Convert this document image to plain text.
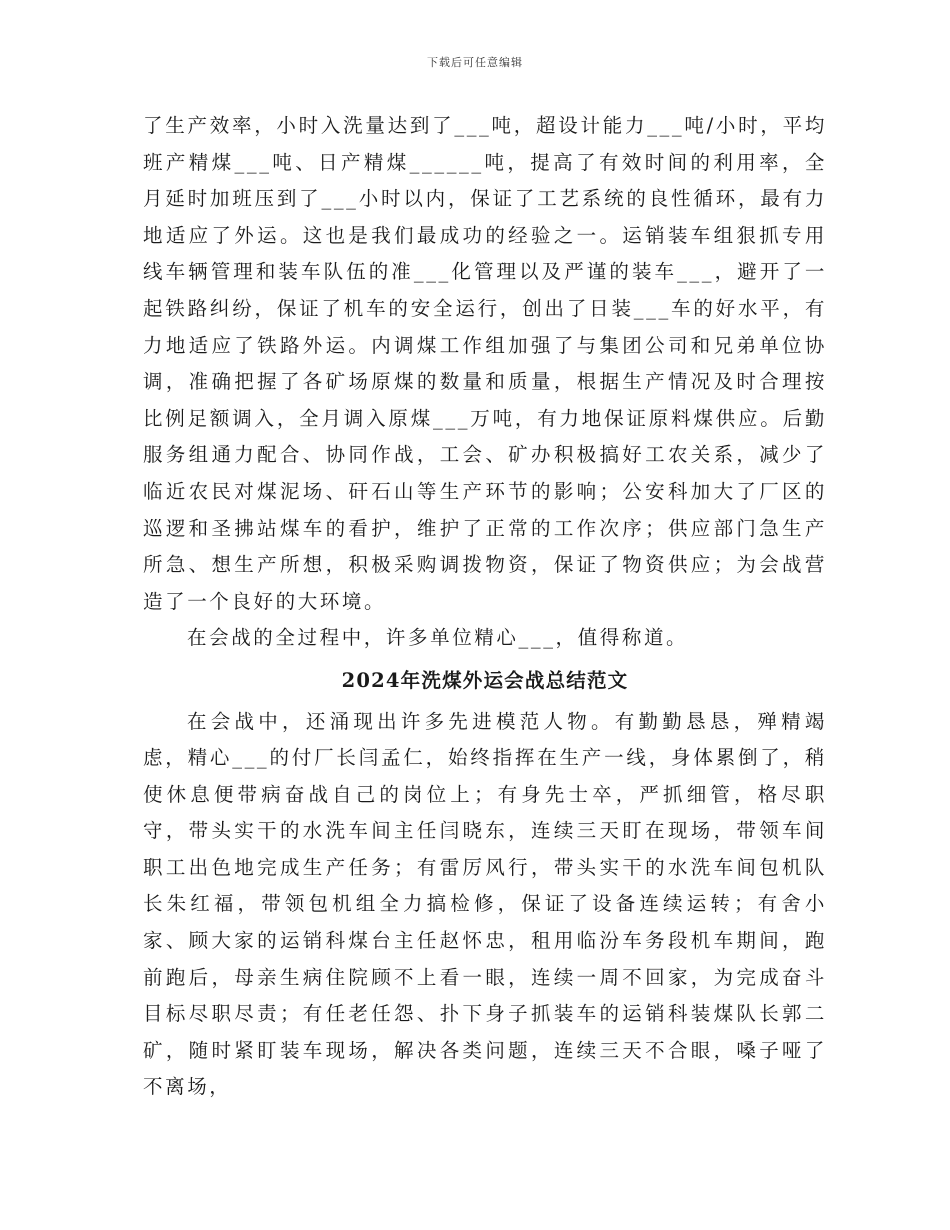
下载后可任意编辑

了生产效率，小时入洗量达到了___吨，超设计能力___吨/小时，平均班产精煤___吨、日产精煤______吨，提高了有效时间的利用率，全月延时加班压到了___小时以内，保证了工艺系统的良性循环，最有力地适应了外运。这也是我们最成功的经验之一。运销装车组狠抓专用线车辆管理和装车队伍的准___化管理以及严谨的装车___，避开了一起铁路纠纷，保证了机车的安全运行，创出了日装___车的好水平，有力地适应了铁路外运。内调煤工作组加强了与集团公司和兄弟单位协调，准确把握了各矿场原煤的数量和质量，根据生产情况及时合理按比例足额调入，全月调入原煤___万吨，有力地保证原料煤供应。后勤服务组通力配合、协同作战，工会、矿办积极搞好工农关系，减少了临近农民对煤泥场、矸石山等生产环节的影响；公安科加大了厂区的巡逻和圣拂站煤车的看护，维护了正常的工作次序；供应部门急生产所急、想生产所想，积极采购调拨物资，保证了物资供应；为会战营造了一个良好的大环境。

在会战的全过程中，许多单位精心___，值得称道。

2024年洗煤外运会战总结范文

在会战中，还涌现出许多先进模范人物。有勤勤恳恳，殚精竭虑，精心___的付厂长闫孟仁，始终指挥在生产一线，身体累倒了，稍使休息便带病奋战自己的岗位上；有身先士卒，严抓细管，格尽职守，带头实干的水洗车间主任闫晓东，连续三天盯在现场，带领车间职工出色地完成生产任务；有雷厉风行，带头实干的水洗车间包机队长朱红福，带领包机组全力搞检修，保证了设备连续运转；有舍小家、顾大家的运销科煤台主任赵怀忠，租用临汾车务段机车期间，跑前跑后，母亲生病住院顾不上看一眼，连续一周不回家，为完成奋斗目标尽职尽责；有任老任怨、扑下身子抓装车的运销科装煤队长郭二矿，随时紧盯装车现场，解决各类问题，连续三天不合眼，嗓子哑了不离场，
